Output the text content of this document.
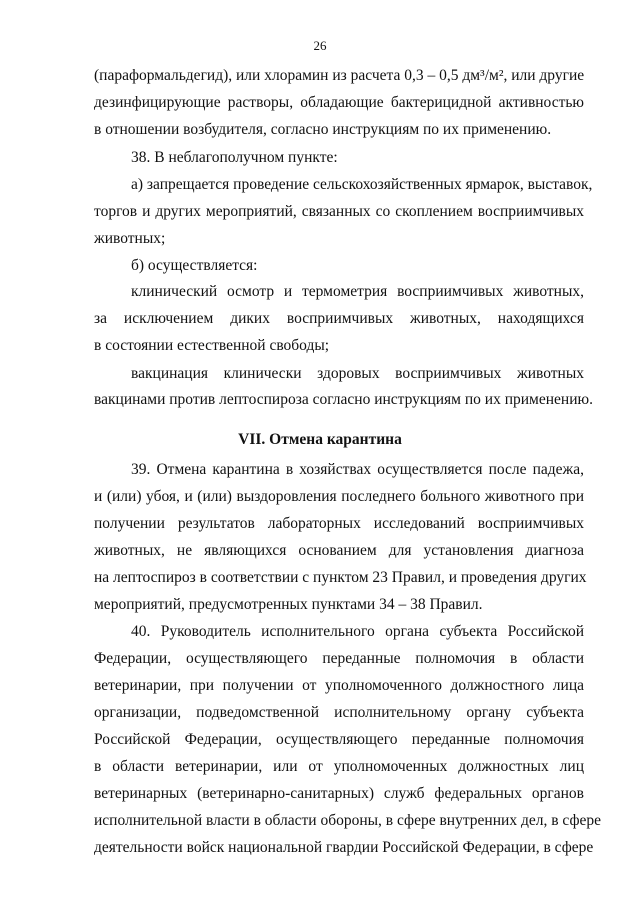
26
(параформальдегид), или хлорамин из расчета 0,3 – 0,5 дм³/м², или другие
дезинфицирующие растворы, обладающие бактерицидной активностью
в отношении возбудителя, согласно инструкциям по их применению.
38. В неблагополучном пункте:
а) запрещается проведение сельскохозяйственных ярмарок, выставок,
торгов и других мероприятий, связанных со скоплением восприимчивых
животных;
б) осуществляется:
клинический осмотр и термометрия восприимчивых животных,
за исключением диких восприимчивых животных, находящихся
в состоянии естественной свободы;
вакцинация клинически здоровых восприимчивых животных
вакцинами против лептоспироза согласно инструкциям по их применению.
VII. Отмена карантина
39. Отмена карантина в хозяйствах осуществляется после падежа,
и (или) убоя, и (или) выздоровления последнего больного животного при
получении результатов лабораторных исследований восприимчивых
животных, не являющихся основанием для установления диагноза
на лептоспироз в соответствии с пунктом 23 Правил, и проведения других
мероприятий, предусмотренных пунктами 34 – 38 Правил.
40. Руководитель исполнительного органа субъекта Российской
Федерации, осуществляющего переданные полномочия в области
ветеринарии, при получении от уполномоченного должностного лица
организации, подведомственной исполнительному органу субъекта
Российской Федерации, осуществляющего переданные полномочия
в области ветеринарии, или от уполномоченных должностных лиц
ветеринарных (ветеринарно-санитарных) служб федеральных органов
исполнительной власти в области обороны, в сфере внутренних дел, в сфере
деятельности войск национальной гвардии Российской Федерации, в сфере
